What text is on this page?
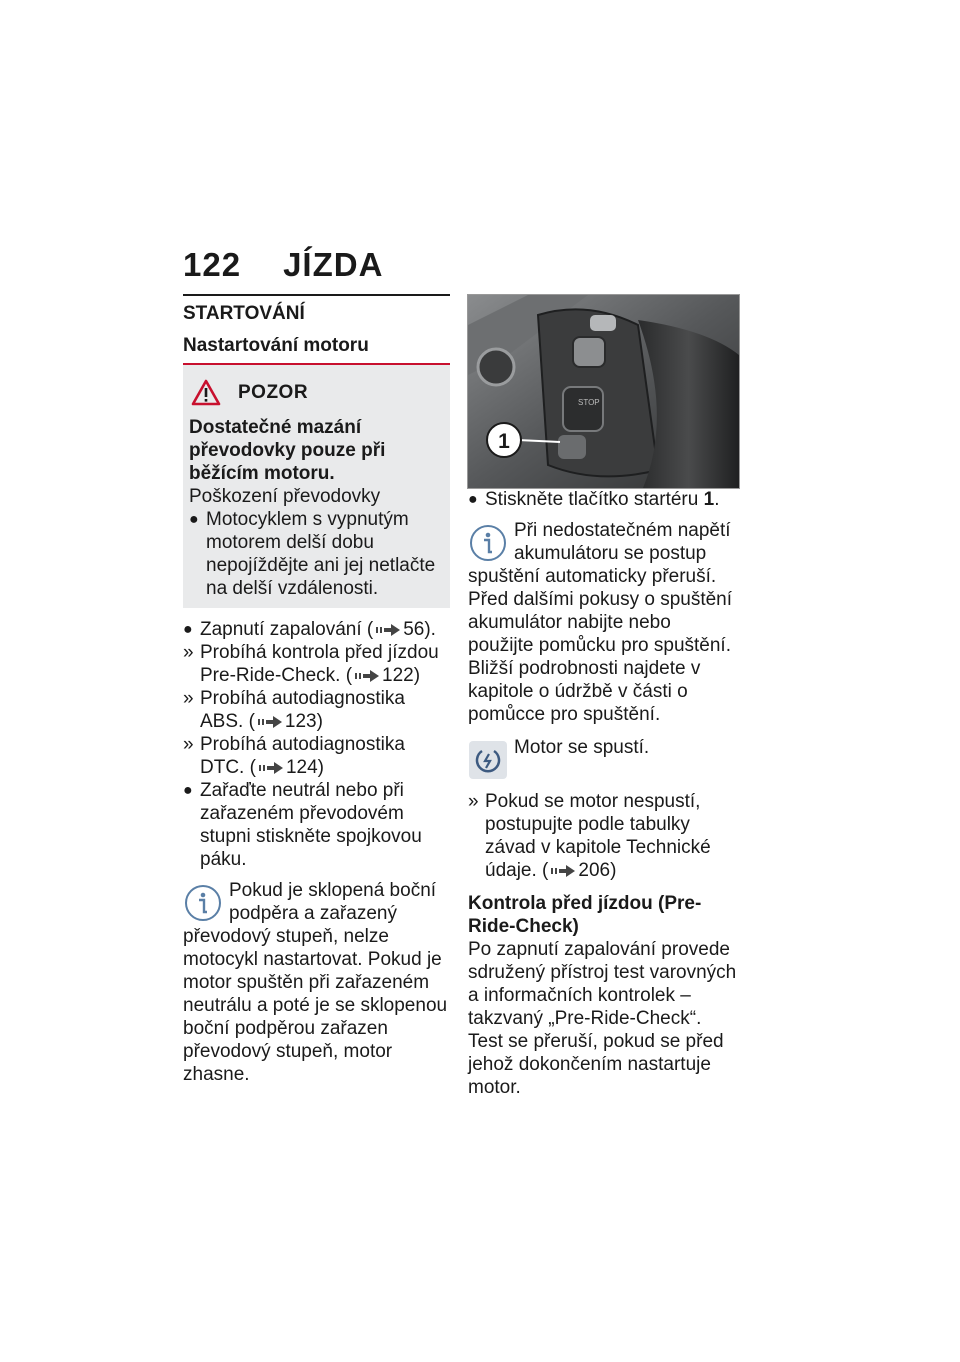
122 JÍZDA
STARTOVÁNÍ
Nastartování motoru
POZOR

Dostatečné mazání převodovky pouze při běžícím motoru.

Poškození převodovky

● Motocyklem s vypnutým motorem delší dobu nepojíždějte ani jej netlačte na delší vzdálenosti.
● Zapnutí zapalování ( 56).
» Probíhá kontrola před jízdou Pre-Ride-Check. ( 122)
» Probíhá autodiagnostika ABS. ( 123)
» Probíhá autodiagnostika DTC. ( 124)
● Zařaďte neutrál nebo při zařazeném převodovém stupni stiskněte spojkovou páku.

Pokud je sklopená boční podpěra a zařazený převodový stupeň, nelze motocykl nastartovat. Pokud je motor spuštěn při zařazeném neutrálu a poté je se sklopenou boční podpěrou zařazen převodový stupeň, motor zhasne.

STOP
1
● Stiskněte tlačítko startéru 1.

Při nedostatečném napětí akumulátoru se postup spuštění automaticky přeruší. Před dalšími pokusy o spuštění akumulátor nabijte nebo použijte pomůcku pro spuštění. Bližší podrobnosti najdete v kapitole o údržbě v části o pomůcce pro spuštění.

Motor se spustí.

» Pokud se motor nespustí, postupujte podle tabulky závad v kapitole Technické údaje. ( 206)
Kontrola před jízdou (Pre-Ride-Check)

Po zapnutí zapalování provede sdružený přístroj test varovných a informačních kontrolek – takzvaný „Pre-Ride-Check“. Test se přeruší, pokud se před jehož dokončením nastartuje motor.
